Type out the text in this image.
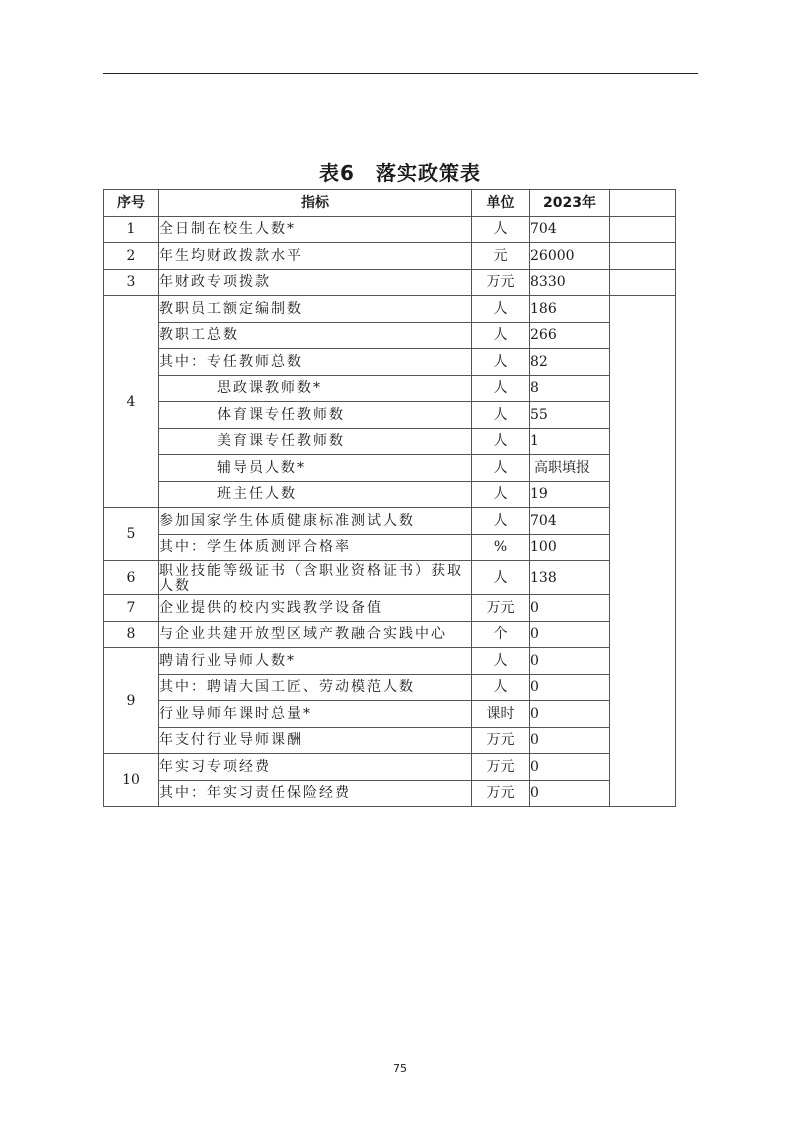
表6　落实政策表
序号	指标	单位	2023年	
1	全日制在校生人数*	人	704	
2	年生均财政拨款水平	元	26000	
3	年财政专项拨款	万元	8330	
4	教职员工额定编制数	人	186	
	教职工总数	人	266	
	其中：专任教师总数	人	82	
	思政课教师数*	人	8	
	体育课专任教师数	人	55	
	美育课专任教师数	人	1	
	辅导员人数*	人	高职填报	
	班主任人数	人	19	
5	参加国家学生体质健康标准测试人数	人	704	
	其中：学生体质测评合格率	%	100	
6	职业技能等级证书（含职业资格证书）获取人数	人	138	
7	企业提供的校内实践教学设备值	万元	0	
8	与企业共建开放型区域产教融合实践中心	个	0	
9	聘请行业导师人数*	人	0	
	其中：聘请大国工匠、劳动模范人数	人	0	
	行业导师年课时总量*	课时	0	
	年支付行业导师课酬	万元	0	
10	年实习专项经费	万元	0	
	其中：年实习责任保险经费	万元	0	
75
